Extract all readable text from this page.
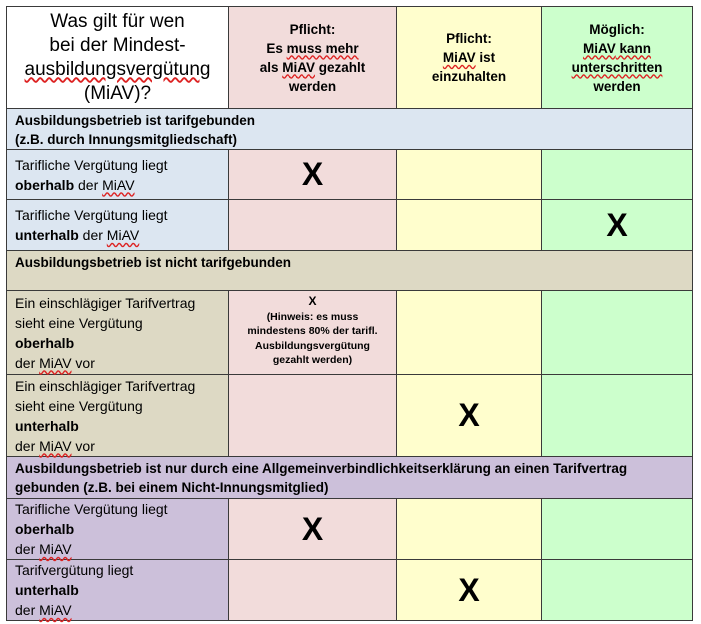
Was gilt für wen
bei der Mindest-
ausbildungsvergütung
(MiAV)?	Pflicht:
Es muss mehr
als MiAV gezahlt
werden	Pflicht:
MiAV ist
einzuhalten	Möglich:
MiAV kann
unterschritten
werden
Ausbildungsbetrieb ist tarifgebunden
(z.B. durch Innungsmitgliedschaft)			
Tarifliche Vergütung liegt
oberhalb der MiAV	X		
Tarifliche Vergütung liegt
unterhalb der MiAV			X
Ausbildungsbetrieb ist nicht tarifgebunden			
Ein einschlägiger Tarifvertrag
sieht eine Vergütung
oberhalb
der MiAV vor	X
(Hinweis: es muss
mindestens 80% der tarifl.
Ausbildungsvergütung
gezahlt werden)		
Ein einschlägiger Tarifvertrag
sieht eine Vergütung
unterhalb
der MiAV vor		X	
Ausbildungsbetrieb ist nur durch eine Allgemeinverbindlichkeitserklärung an einen Tarifvertrag
gebunden (z.B. bei einem Nicht-Innungsmitglied)			
Tarifliche Vergütung liegt
oberhalb
der MiAV	X		
Tarifvergütung liegt
unterhalb
der MiAV		X	
